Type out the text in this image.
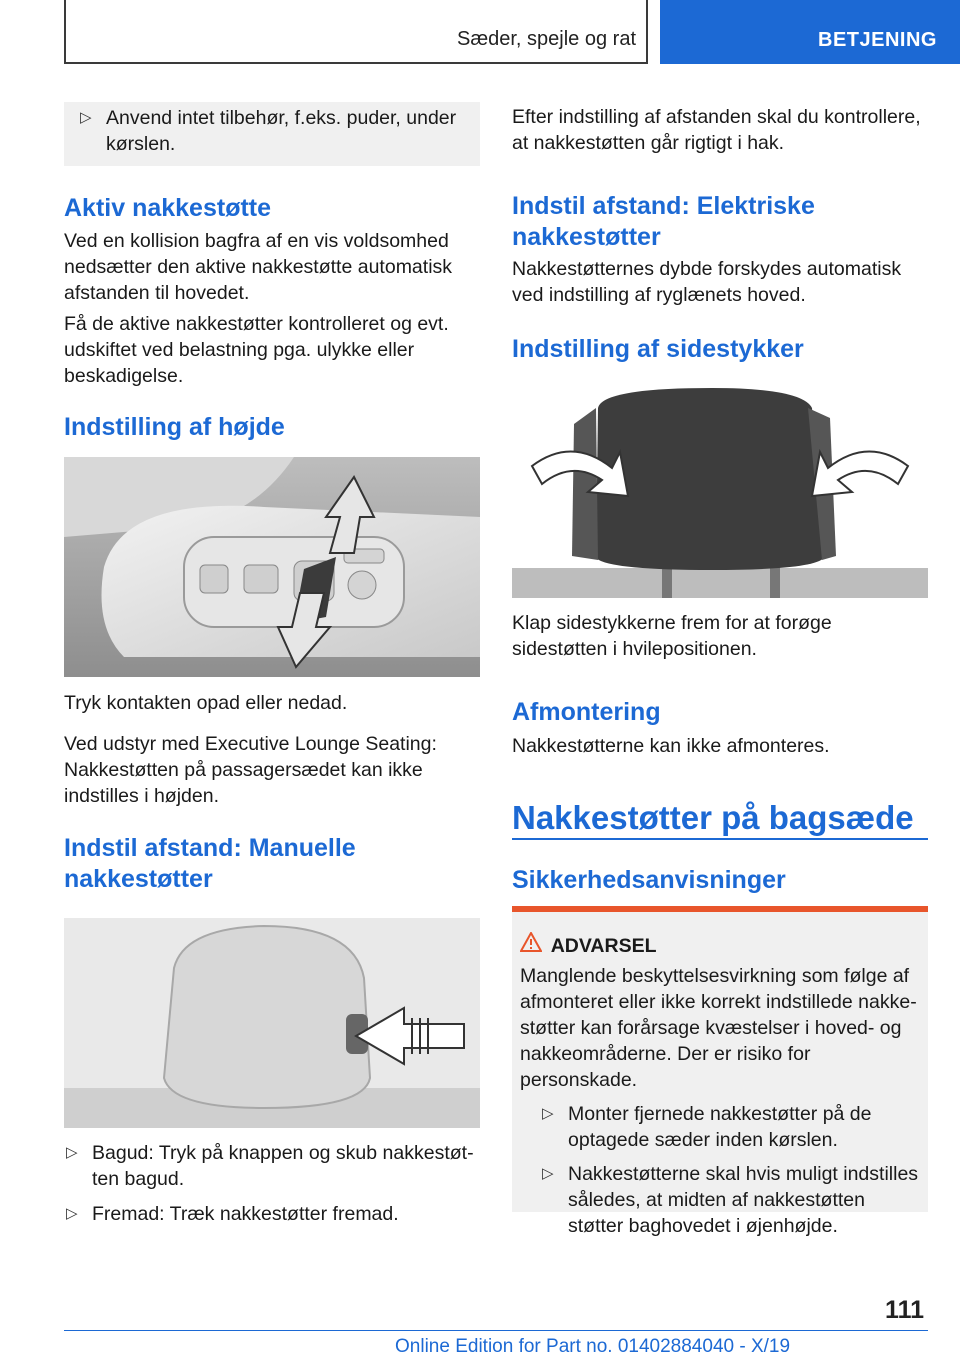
Sæder, spejle og rat	BETJENING
▷ Anvend intet tilbehør, f.eks. puder, under kørslen.
Aktiv nakkestøtte

Ved en kollision bagfra af en vis voldsomhed nedsætter den aktive nakkestøtte automatisk afstanden til hovedet.

Få de aktive nakkestøtter kontrolleret og evt. udskiftet ved belastning pga. ulykke eller beskadigelse.

Indstilling af højde

Tryk kontakten opad eller nedad.

Ved udstyr med Executive Lounge Seating: Nakkestøtten på passagersædet kan ikke indstilles i højden.

Indstil afstand: Manuelle nakkestøtter
▷ Bagud: Tryk på knappen og skub nakkestøtten bagud.
▷ Fremad: Træk nakkestøtter fremad.

Efter indstilling af afstanden skal du kontrollere, at nakkestøtten går rigtigt i hak.

Indstil afstand: Elektriske nakkestøtter

Nakkestøtternes dybde forskydes automatisk ved indstilling af ryglænets hoved.

Indstilling af sidestykker

Klap sidestykkerne frem for at forøge sidestøtten i hvilepositionen.

Afmontering

Nakkestøtterne kan ikke afmonteres.

Nakkestøtter på bagsæde
Sikkerhedsanvisninger
ADVARSEL

Manglende beskyttelsesvirkning som følge af afmonteret eller ikke korrekt indstillede nakkestøtter kan forårsage kvæstelser i hoved- og nakkeområderne. Der er risiko for personskade.

▷ Monter fjernede nakkestøtter på de optagede sæder inden kørslen.
▷ Nakkestøtterne skal hvis muligt indstilles således, at midten af nakkestøtten støtter baghovedet i øjenhøjde.
111
Online Edition for Part no. 01402884040 - X/19
